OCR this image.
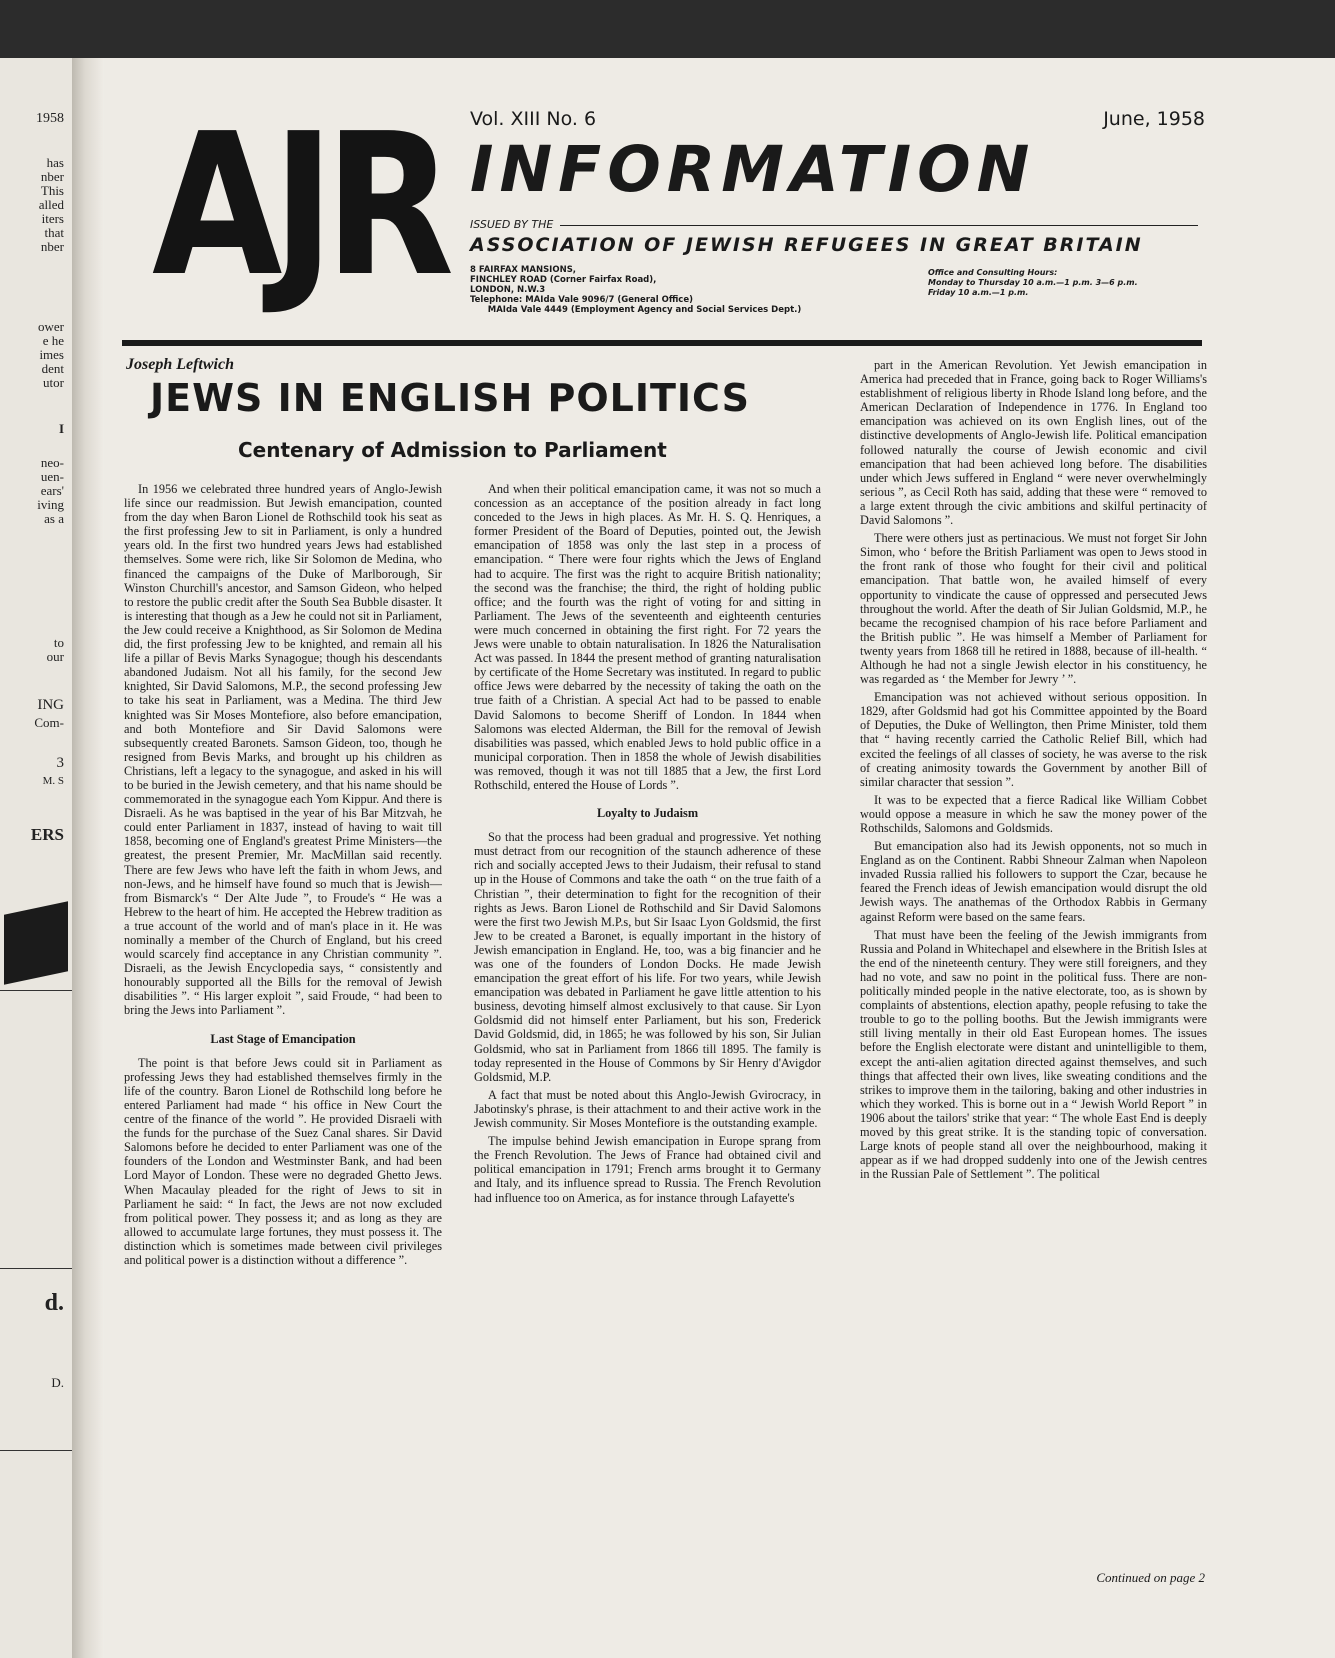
1958
has
nber
This
alled
iters
that
nber
ower
e he
imes
dent
utor
I
neo-
uen-
ears'
iving
as a
to
our
ING
Com-
3
M. S
ERS
d.
D.
AJR Vol. XIII No. 6	June, 1958
INFORMATION
ISSUED BY THE
ASSOCIATION OF JEWISH REFUGEES IN GREAT BRITAIN
8 FAIRFAX MANSIONS,
FINCHLEY ROAD (Corner Fairfax Road),
LONDON, N.W.3
Telephone: MAIda Vale 9096/7 (General Office)
MAIda Vale 4449 (Employment Agency and Social Services Dept.)
Office and Consulting Hours:
Monday to Thursday 10 a.m.—1 p.m. 3—6 p.m.
Friday 10 a.m.—1 p.m.
Joseph Leftwich
JEWS IN ENGLISH POLITICS
Centenary of Admission to Parliament

In 1956 we celebrated three hundred years of Anglo-Jewish life since our readmission. But Jewish emancipation, counted from the day when Baron Lionel de Rothschild took his seat as the first professing Jew to sit in Parliament, is only a hundred years old. In the first two hundred years Jews had established themselves. Some were rich, like Sir Solomon de Medina, who financed the campaigns of the Duke of Marlborough, Sir Winston Churchill's ancestor, and Samson Gideon, who helped to restore the public credit after the South Sea Bubble disaster. It is interesting that though as a Jew he could not sit in Parliament, the Jew could receive a Knighthood, as Sir Solomon de Medina did, the first professing Jew to be knighted, and remain all his life a pillar of Bevis Marks Synagogue; though his descendants abandoned Judaism. Not all his family, for the second Jew knighted, Sir David Salomons, M.P., the second professing Jew to take his seat in Parliament, was a Medina. The third Jew knighted was Sir Moses Montefiore, also before emancipation, and both Montefiore and Sir David Salomons were subsequently created Baronets. Samson Gideon, too, though he resigned from Bevis Marks, and brought up his children as Christians, left a legacy to the synagogue, and asked in his will to be buried in the Jewish cemetery, and that his name should be commemorated in the synagogue each Yom Kippur. And there is Disraeli. As he was baptised in the year of his Bar Mitzvah, he could enter Parliament in 1837, instead of having to wait till 1858, becoming one of England's greatest Prime Ministers—the greatest, the present Premier, Mr. MacMillan said recently. There are few Jews who have left the faith in whom Jews, and non-Jews, and he himself have found so much that is Jewish—from Bismarck's “ Der Alte Jude ”, to Froude's “ He was a Hebrew to the heart of him. He accepted the Hebrew tradition as a true account of the world and of man's place in it. He was nominally a member of the Church of England, but his creed would scarcely find acceptance in any Christian community ”. Disraeli, as the Jewish Encyclopedia says, “ consistently and honourably supported all the Bills for the removal of Jewish disabilities ”. “ His larger exploit ”, said Froude, “ had been to bring the Jews into Parliament ”.

Last Stage of Emancipation

The point is that before Jews could sit in Parliament as professing Jews they had established themselves firmly in the life of the country. Baron Lionel de Rothschild long before he entered Parliament had made “ his office in New Court the centre of the finance of the world ”. He provided Disraeli with the funds for the purchase of the Suez Canal shares. Sir David Salomons before he decided to enter Parliament was one of the founders of the London and Westminster Bank, and had been Lord Mayor of London. These were no degraded Ghetto Jews. When Macaulay pleaded for the right of Jews to sit in Parliament he said: “ In fact, the Jews are not now excluded from political power. They possess it; and as long as they are allowed to accumulate large fortunes, they must possess it. The distinction which is sometimes made between civil privileges and political power is a distinction without a difference ”.

And when their political emancipation came, it was not so much a concession as an acceptance of the position already in fact long conceded to the Jews in high places. As Mr. H. S. Q. Henriques, a former President of the Board of Deputies, pointed out, the Jewish emancipation of 1858 was only the last step in a process of emancipation. “ There were four rights which the Jews of England had to acquire. The first was the right to acquire British nationality; the second was the franchise; the third, the right of holding public office; and the fourth was the right of voting for and sitting in Parliament. The Jews of the seventeenth and eighteenth centuries were much concerned in obtaining the first right. For 72 years the Jews were unable to obtain naturalisation. In 1826 the Naturalisation Act was passed. In 1844 the present method of granting naturalisation by certificate of the Home Secretary was instituted. In regard to public office Jews were debarred by the necessity of taking the oath on the true faith of a Christian. A special Act had to be passed to enable David Salomons to become Sheriff of London. In 1844 when Salomons was elected Alderman, the Bill for the removal of Jewish disabilities was passed, which enabled Jews to hold public office in a municipal corporation. Then in 1858 the whole of Jewish disabilities was removed, though it was not till 1885 that a Jew, the first Lord Rothschild, entered the House of Lords ”.

Loyalty to Judaism

So that the process had been gradual and progressive. Yet nothing must detract from our recognition of the staunch adherence of these rich and socially accepted Jews to their Judaism, their refusal to stand up in the House of Commons and take the oath “ on the true faith of a Christian ”, their determination to fight for the recognition of their rights as Jews. Baron Lionel de Rothschild and Sir David Salomons were the first two Jewish M.P.s, but Sir Isaac Lyon Goldsmid, the first Jew to be created a Baronet, is equally important in the history of Jewish emancipation in England. He, too, was a big financier and he was one of the founders of London Docks. He made Jewish emancipation the great effort of his life. For two years, while Jewish emancipation was debated in Parliament he gave little attention to his business, devoting himself almost exclusively to that cause. Sir Lyon Goldsmid did not himself enter Parliament, but his son, Frederick David Goldsmid, did, in 1865; he was followed by his son, Sir Julian Goldsmid, who sat in Parliament from 1866 till 1895. The family is today represented in the House of Commons by Sir Henry d'Avigdor Goldsmid, M.P.

A fact that must be noted about this Anglo-Jewish Gvirocracy, in Jabotinsky's phrase, is their attachment to and their active work in the Jewish community. Sir Moses Montefiore is the outstanding example.

The impulse behind Jewish emancipation in Europe sprang from the French Revolution. The Jews of France had obtained civil and political emancipation in 1791; French arms brought it to Germany and Italy, and its influence spread to Russia. The French Revolution had influence too on America, as for instance through Lafayette's

part in the American Revolution. Yet Jewish emancipation in America had preceded that in France, going back to Roger Williams's establishment of religious liberty in Rhode Island long before, and the American Declaration of Independence in 1776. In England too emancipation was achieved on its own English lines, out of the distinctive developments of Anglo-Jewish life. Political emancipation followed naturally the course of Jewish economic and civil emancipation that had been achieved long before. The disabilities under which Jews suffered in England “ were never overwhelmingly serious ”, as Cecil Roth has said, adding that these were “ removed to a large extent through the civic ambitions and skilful pertinacity of David Salomons ”.

There were others just as pertinacious. We must not forget Sir John Simon, who ‘ before the British Parliament was open to Jews stood in the front rank of those who fought for their civil and political emancipation. That battle won, he availed himself of every opportunity to vindicate the cause of oppressed and persecuted Jews throughout the world. After the death of Sir Julian Goldsmid, M.P., he became the recognised champion of his race before Parliament and the British public ”. He was himself a Member of Parliament for twenty years from 1868 till he retired in 1888, because of ill-health. “ Although he had not a single Jewish elector in his constituency, he was regarded as ‘ the Member for Jewry ’ ”.

Emancipation was not achieved without serious opposition. In 1829, after Goldsmid had got his Committee appointed by the Board of Deputies, the Duke of Wellington, then Prime Minister, told them that “ having recently carried the Catholic Relief Bill, which had excited the feelings of all classes of society, he was averse to the risk of creating animosity towards the Government by another Bill of similar character that session ”.

It was to be expected that a fierce Radical like William Cobbet would oppose a measure in which he saw the money power of the Rothschilds, Salomons and Goldsmids.

But emancipation also had its Jewish opponents, not so much in England as on the Continent. Rabbi Shneour Zalman when Napoleon invaded Russia rallied his followers to support the Czar, because he feared the French ideas of Jewish emancipation would disrupt the old Jewish ways. The anathemas of the Orthodox Rabbis in Germany against Reform were based on the same fears.

That must have been the feeling of the Jewish immigrants from Russia and Poland in Whitechapel and elsewhere in the British Isles at the end of the nineteenth century. They were still foreigners, and they had no vote, and saw no point in the political fuss. There are non-politically minded people in the native electorate, too, as is shown by complaints of abstentions, election apathy, people refusing to take the trouble to go to the polling booths. But the Jewish immigrants were still living mentally in their old East European homes. The issues before the English electorate were distant and unintelligible to them, except the anti-alien agitation directed against themselves, and such things that affected their own lives, like sweating conditions and the strikes to improve them in the tailoring, baking and other industries in which they worked. This is borne out in a “ Jewish World Report ” in 1906 about the tailors' strike that year: “ The whole East End is deeply moved by this great strike. It is the standing topic of conversation. Large knots of people stand all over the neighbourhood, making it appear as if we had dropped suddenly into one of the Jewish centres in the Russian Pale of Settlement ”. The political

Continued on page 2
